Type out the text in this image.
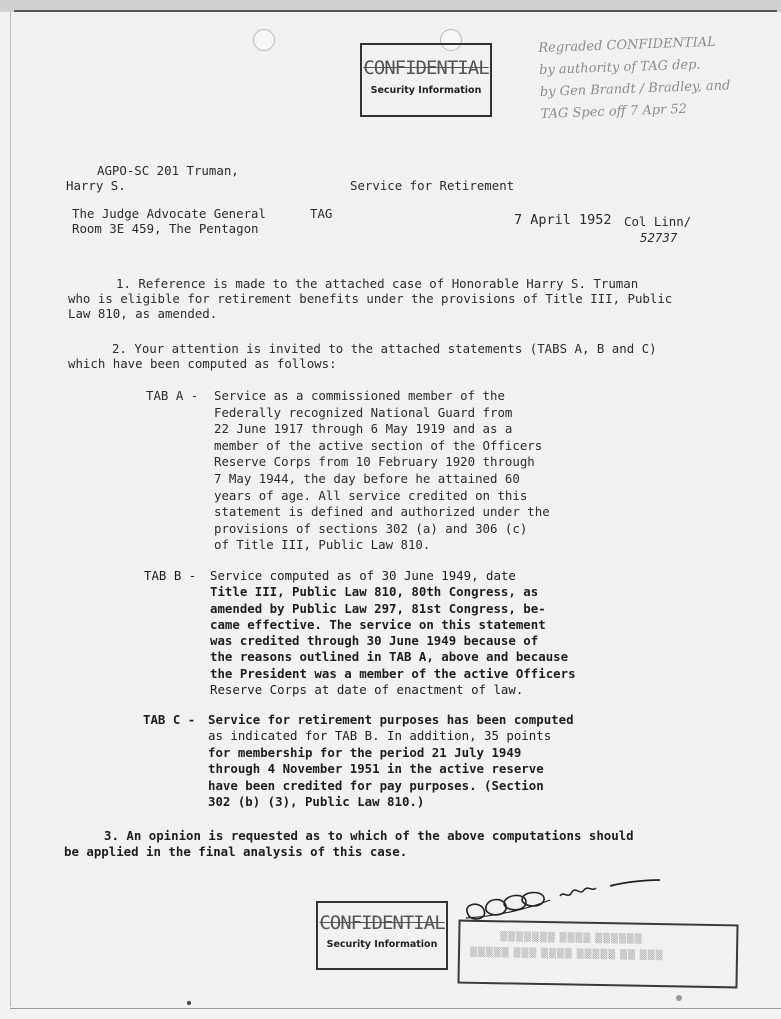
CONFIDENTIAL
Security Information
Regraded CONFIDENTIAL
by authority of TAG dep.
by Gen Brandt / Bradley, and
TAG Spec off 7 Apr 52
AGPO-SC 201 Truman,
Harry S.	Service for Retirement
The Judge Advocate General
Room 3E 459, The Pentagon
TAG	7 April 1952 Col Linn/
52737
1. Reference is made to the attached case of Honorable Harry S. Truman
who is eligible for retirement benefits under the provisions of Title III, Public
Law 810, as amended.
2. Your attention is invited to the attached statements (TABS A, B and C)
which have been computed as follows:
TAB A - Service as a commissioned member of the
Federally recognized National Guard from
22 June 1917 through 6 May 1919 and as a
member of the active section of the Officers
Reserve Corps from 10 February 1920 through
7 May 1944, the day before he attained 60
years of age. All service credited on this
statement is defined and authorized under the
provisions of sections 302 (a) and 306 (c)
of Title III, Public Law 810.
TAB B - Service computed as of 30 June 1949, date
Title III, Public Law 810, 80th Congress, as
amended by Public Law 297, 81st Congress, be-
came effective. The service on this statement
was credited through 30 June 1949 because of
the reasons outlined in TAB A, above and because
the President was a member of the active Officers
Reserve Corps at date of enactment of law.
TAB C - Service for retirement purposes has been computed
as indicated for TAB B. In addition, 35 points
for membership for the period 21 July 1949
through 4 November 1951 in the active reserve
have been credited for pay purposes. (Section
302 (b) (3), Public Law 810.)
3. An opinion is requested as to which of the above computations should
be applied in the final analysis of this case.
CONFIDENTIAL
Security Information	▒▒▒▒▒▒▒ ▒▒▒▒ ▒▒▒▒▒▒
▒▒▒▒▒ ▒▒▒ ▒▒▒▒ ▒▒▒▒▒ ▒▒ ▒▒▒
